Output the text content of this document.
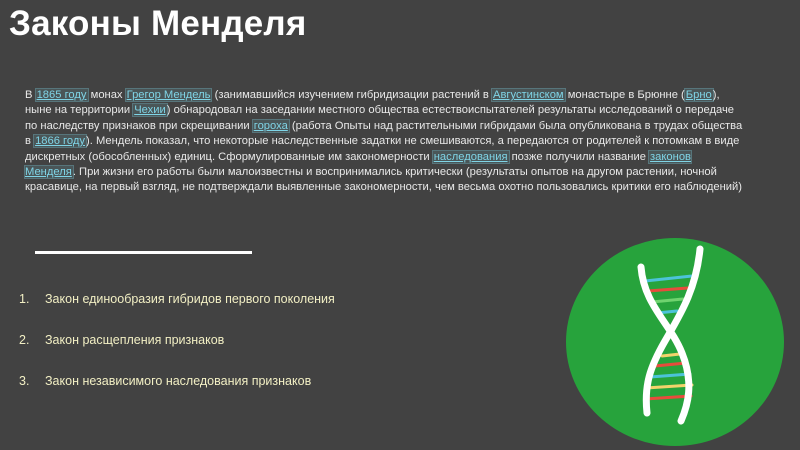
Законы Менделя

В 1865 году монах Грегор Мендель (занимавшийся изучением гибридизации растений в Августинском монастыре в Брюнне (Брно), ныне на территории Чехии) обнародовал на заседании местного общества естествоиспытателей результаты исследований о передаче по наследству признаков при скрещивании гороха (работа Опыты над растительными гибридами была опубликована в трудах общества в 1866 году). Мендель показал, что некоторые наследственные задатки не смешиваются, а передаются от родителей к потомкам в виде дискретных (обособленных) единиц. Сформулированные им закономерности наследования позже получили название законов Менделя. При жизни его работы были малоизвестны и воспринимались критически (результаты опытов на другом растении, ночной красавице, на первый взгляд, не подтверждали выявленные закономерности, чем весьма охотно пользовались критики его наблюдений)

1.	Закон единообразия гибридов первого поколения
2.	Закон расщепления признаков
3.	Закон независимого наследования признаков
